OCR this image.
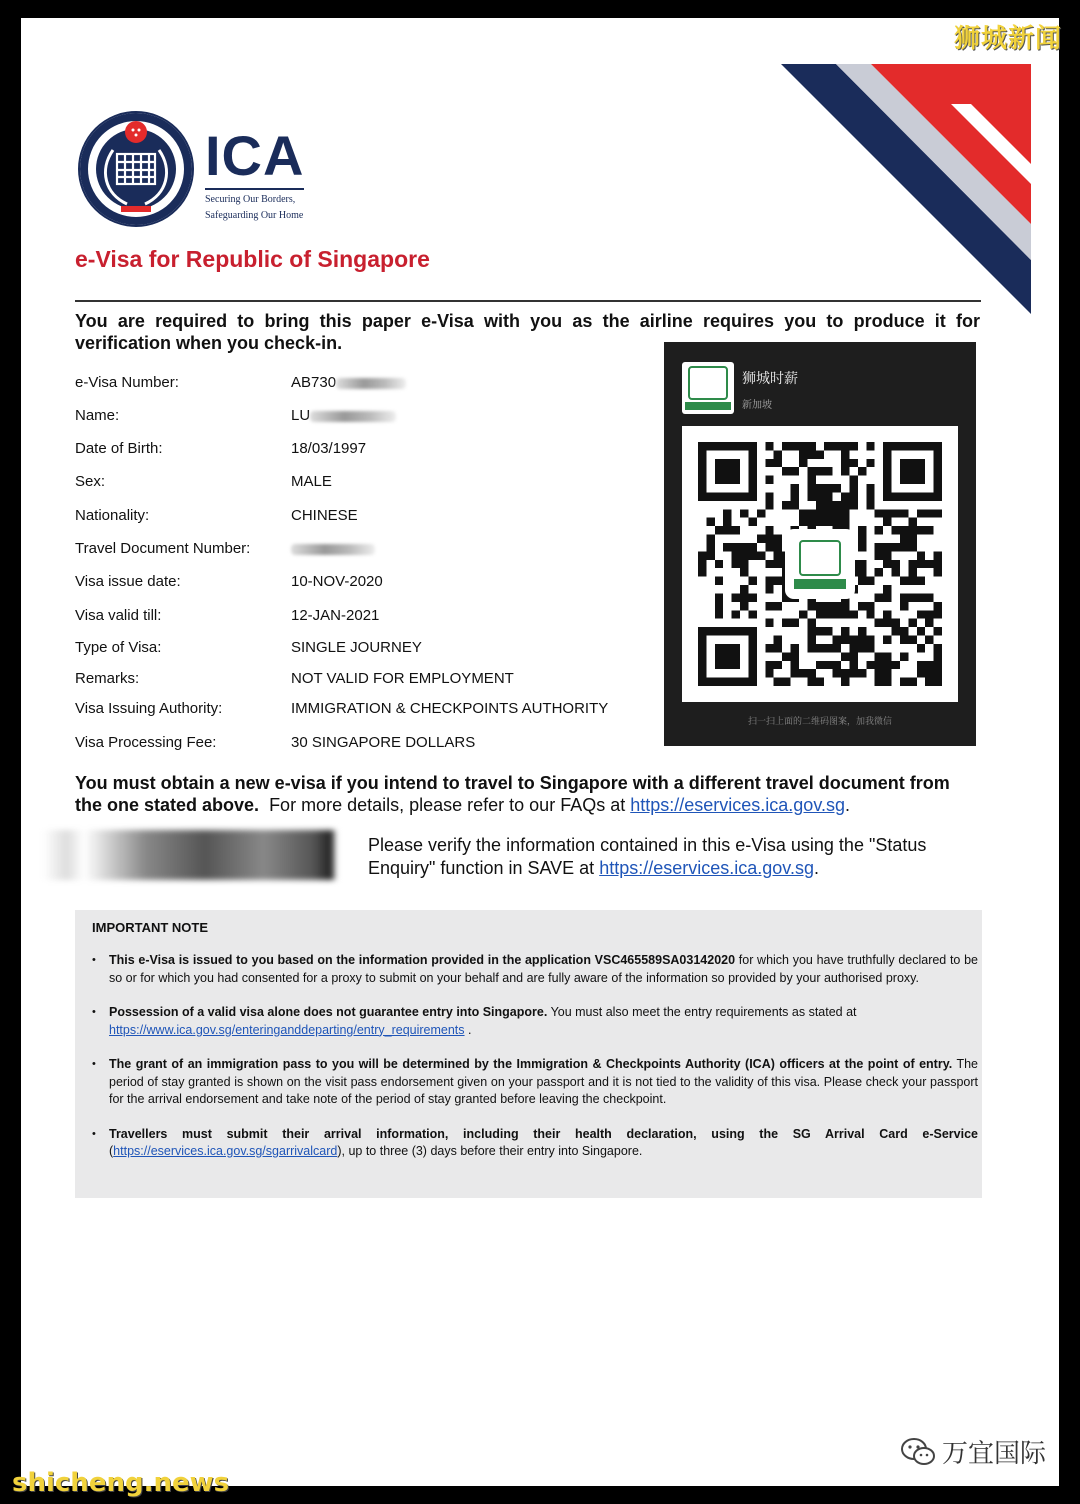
ICA
Securing Our Borders,
Safeguarding Our Home
e-Visa for Republic of Singapore
You are required to bring this paper e-Visa with you as the airline requires you to produce it for verification when you check-in.
e-Visa Number:	AB730
Name:	LU
Date of Birth:	18/03/1997
Sex:	MALE
Nationality:	CHINESE
Travel Document Number:
Visa issue date:	10-NOV-2020
Visa valid till:	12-JAN-2021
Type of Visa:	SINGLE JOURNEY
Remarks:	NOT VALID FOR EMPLOYMENT
Visa Issuing Authority:	IMMIGRATION & CHECKPOINTS AUTHORITY
Visa Processing Fee:	30 SINGAPORE DOLLARS
狮城时薪
新加坡
扫一扫上面的二维码图案，加我微信
You must obtain a new e-visa if you intend to travel to Singapore with a different travel document from the one stated above. For more details, please refer to our FAQs at https://eservices.ica.gov.sg.
Please verify the information contained in this e-Visa using the "Status Enquiry" function in SAVE at https://eservices.ica.gov.sg.
IMPORTANT NOTE
• This e-Visa is issued to you based on the information provided in the application VSC465589SA03142020 for which you have truthfully declared to be so or for which you had consented for a proxy to submit on your behalf and are fully aware of the information so provided by your authorised proxy.
• Possession of a valid visa alone does not guarantee entry into Singapore. You must also meet the entry requirements as stated at
https://www.ica.gov.sg/enteringanddeparting/entry_requirements .
• The grant of an immigration pass to you will be determined by the Immigration & Checkpoints Authority (ICA) officers at the point of entry. The period of stay granted is shown on the visit pass endorsement given on your passport and it is not tied to the validity of this visa. Please check your passport for the arrival endorsement and take note of the period of stay granted before leaving the checkpoint.
• Travellers must submit their arrival information, including their health declaration, using the SG Arrival Card e-Service (https://eservices.ica.gov.sg/sgarrivalcard), up to three (3) days before their entry into Singapore.
狮城新闻
shicheng.news
万宜国际
